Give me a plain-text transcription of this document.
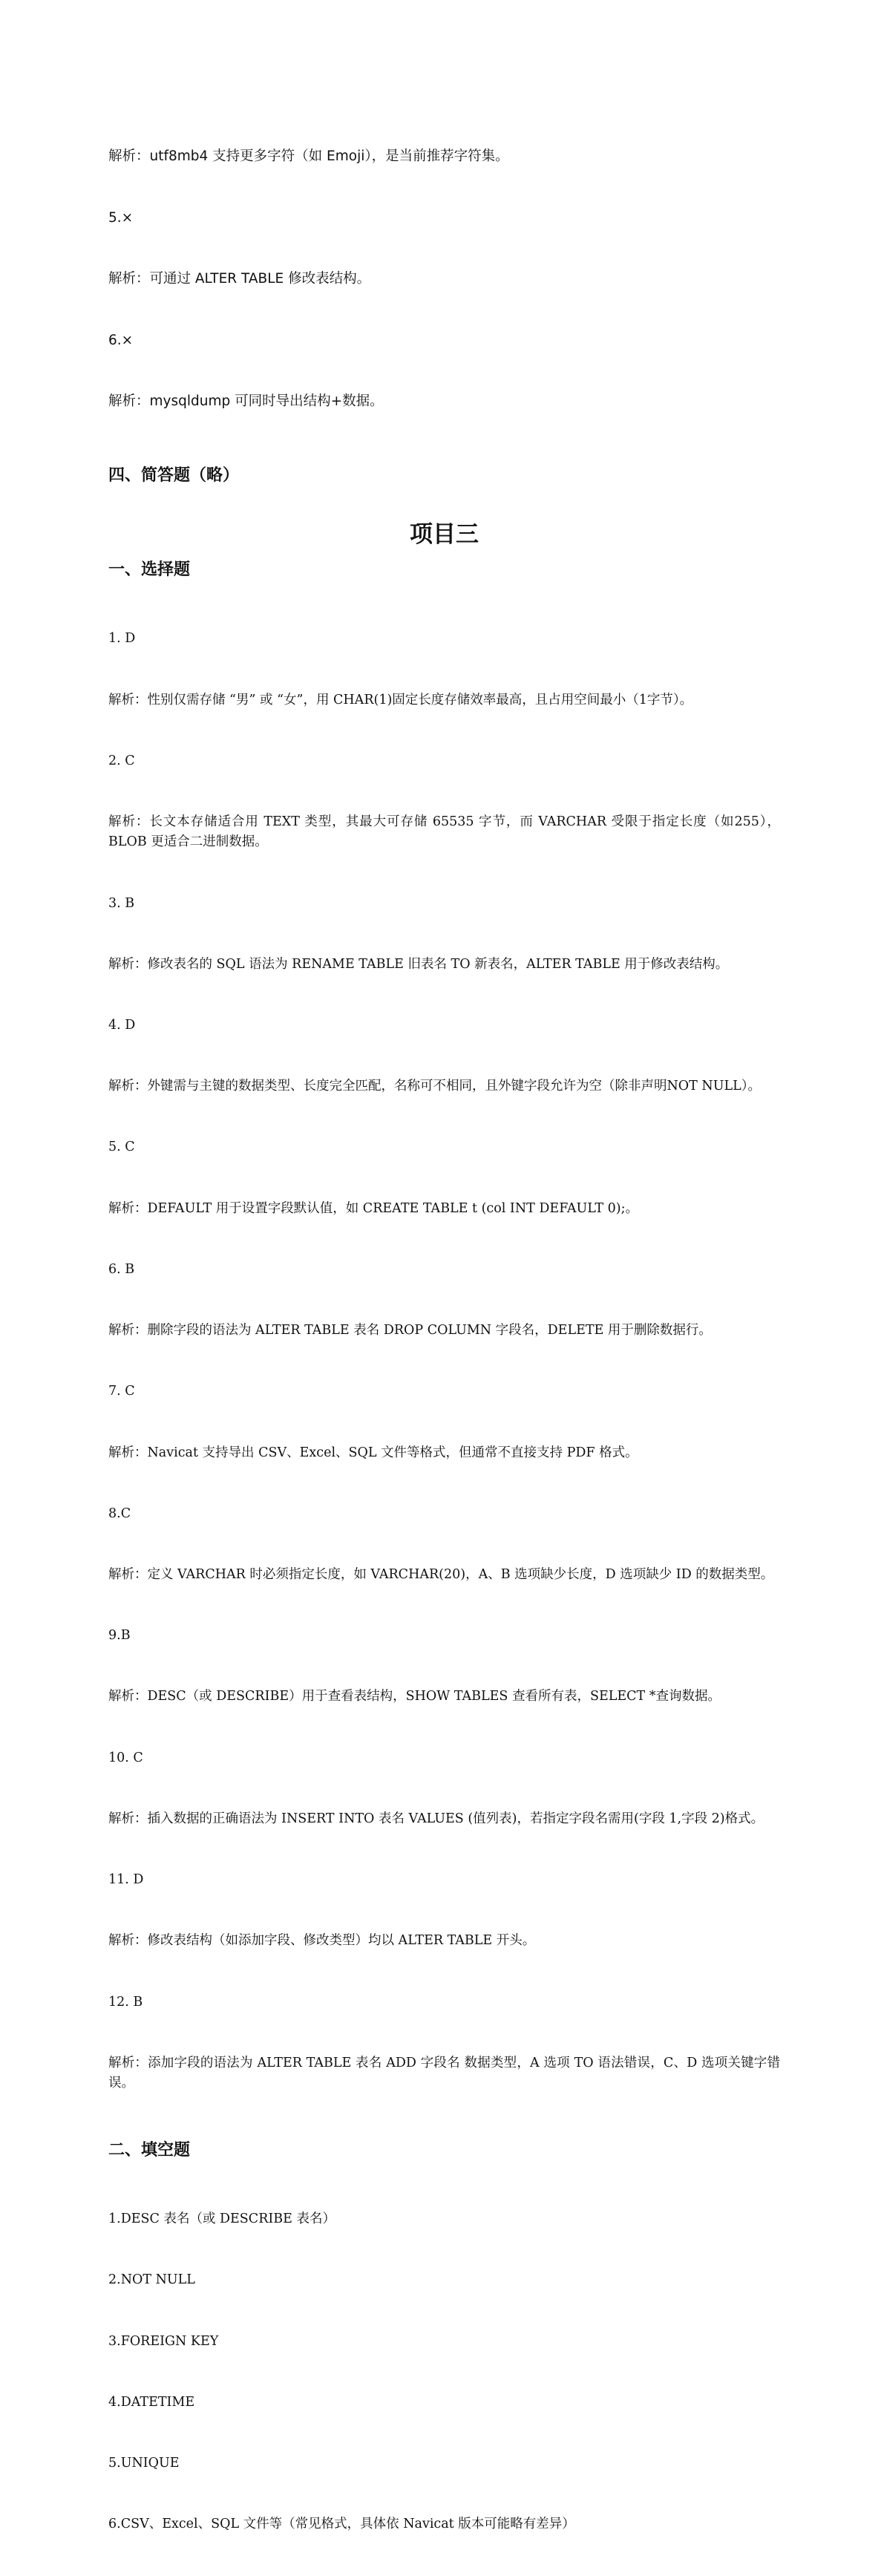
解析：utf8mb4 支持更多字符（如 Emoji），是当前推荐字符集。

5.×

解析：可通过 ALTER TABLE 修改表结构。

6.×

解析：mysqldump 可同时导出结构+数据。

四、简答题（略）
项目三
一、选择题

1. D

解析：性别仅需存储 “男” 或 “女”，用 CHAR(1)固定长度存储效率最高，且占用空间最小（1字节）。

2. C

解析：长文本存储适合用 TEXT 类型，其最大可存储 65535 字节，而 VARCHAR 受限于指定长度（如255），BLOB 更适合二进制数据。

3. B

解析：修改表名的 SQL 语法为 RENAME TABLE 旧表名 TO 新表名，ALTER TABLE 用于修改表结构。

4. D

解析：外键需与主键的数据类型、长度完全匹配，名称可不相同，且外键字段允许为空（除非声明NOT NULL）。

5. C

解析：DEFAULT 用于设置字段默认值，如 CREATE TABLE t (col INT DEFAULT 0);。

6. B

解析：删除字段的语法为 ALTER TABLE 表名 DROP COLUMN 字段名，DELETE 用于删除数据行。

7. C

解析：Navicat 支持导出 CSV、Excel、SQL 文件等格式，但通常不直接支持 PDF 格式。

8.C

解析：定义 VARCHAR 时必须指定长度，如 VARCHAR(20)，A、B 选项缺少长度，D 选项缺少 ID 的数据类型。

9.B

解析：DESC（或 DESCRIBE）用于查看表结构，SHOW TABLES 查看所有表，SELECT *查询数据。

10. C

解析：插入数据的正确语法为 INSERT INTO 表名 VALUES (值列表)，若指定字段名需用(字段 1,字段 2)格式。

11. D

解析：修改表结构（如添加字段、修改类型）均以 ALTER TABLE 开头。

12. B

解析：添加字段的语法为 ALTER TABLE 表名 ADD 字段名 数据类型，A 选项 TO 语法错误，C、D 选项关键字错误。

二、填空题

1.DESC 表名（或 DESCRIBE 表名）

2.NOT NULL

3.FOREIGN KEY

4.DATETIME

5.UNIQUE

6.CSV、Excel、SQL 文件等（常见格式，具体依 Navicat 版本可能略有差异）
